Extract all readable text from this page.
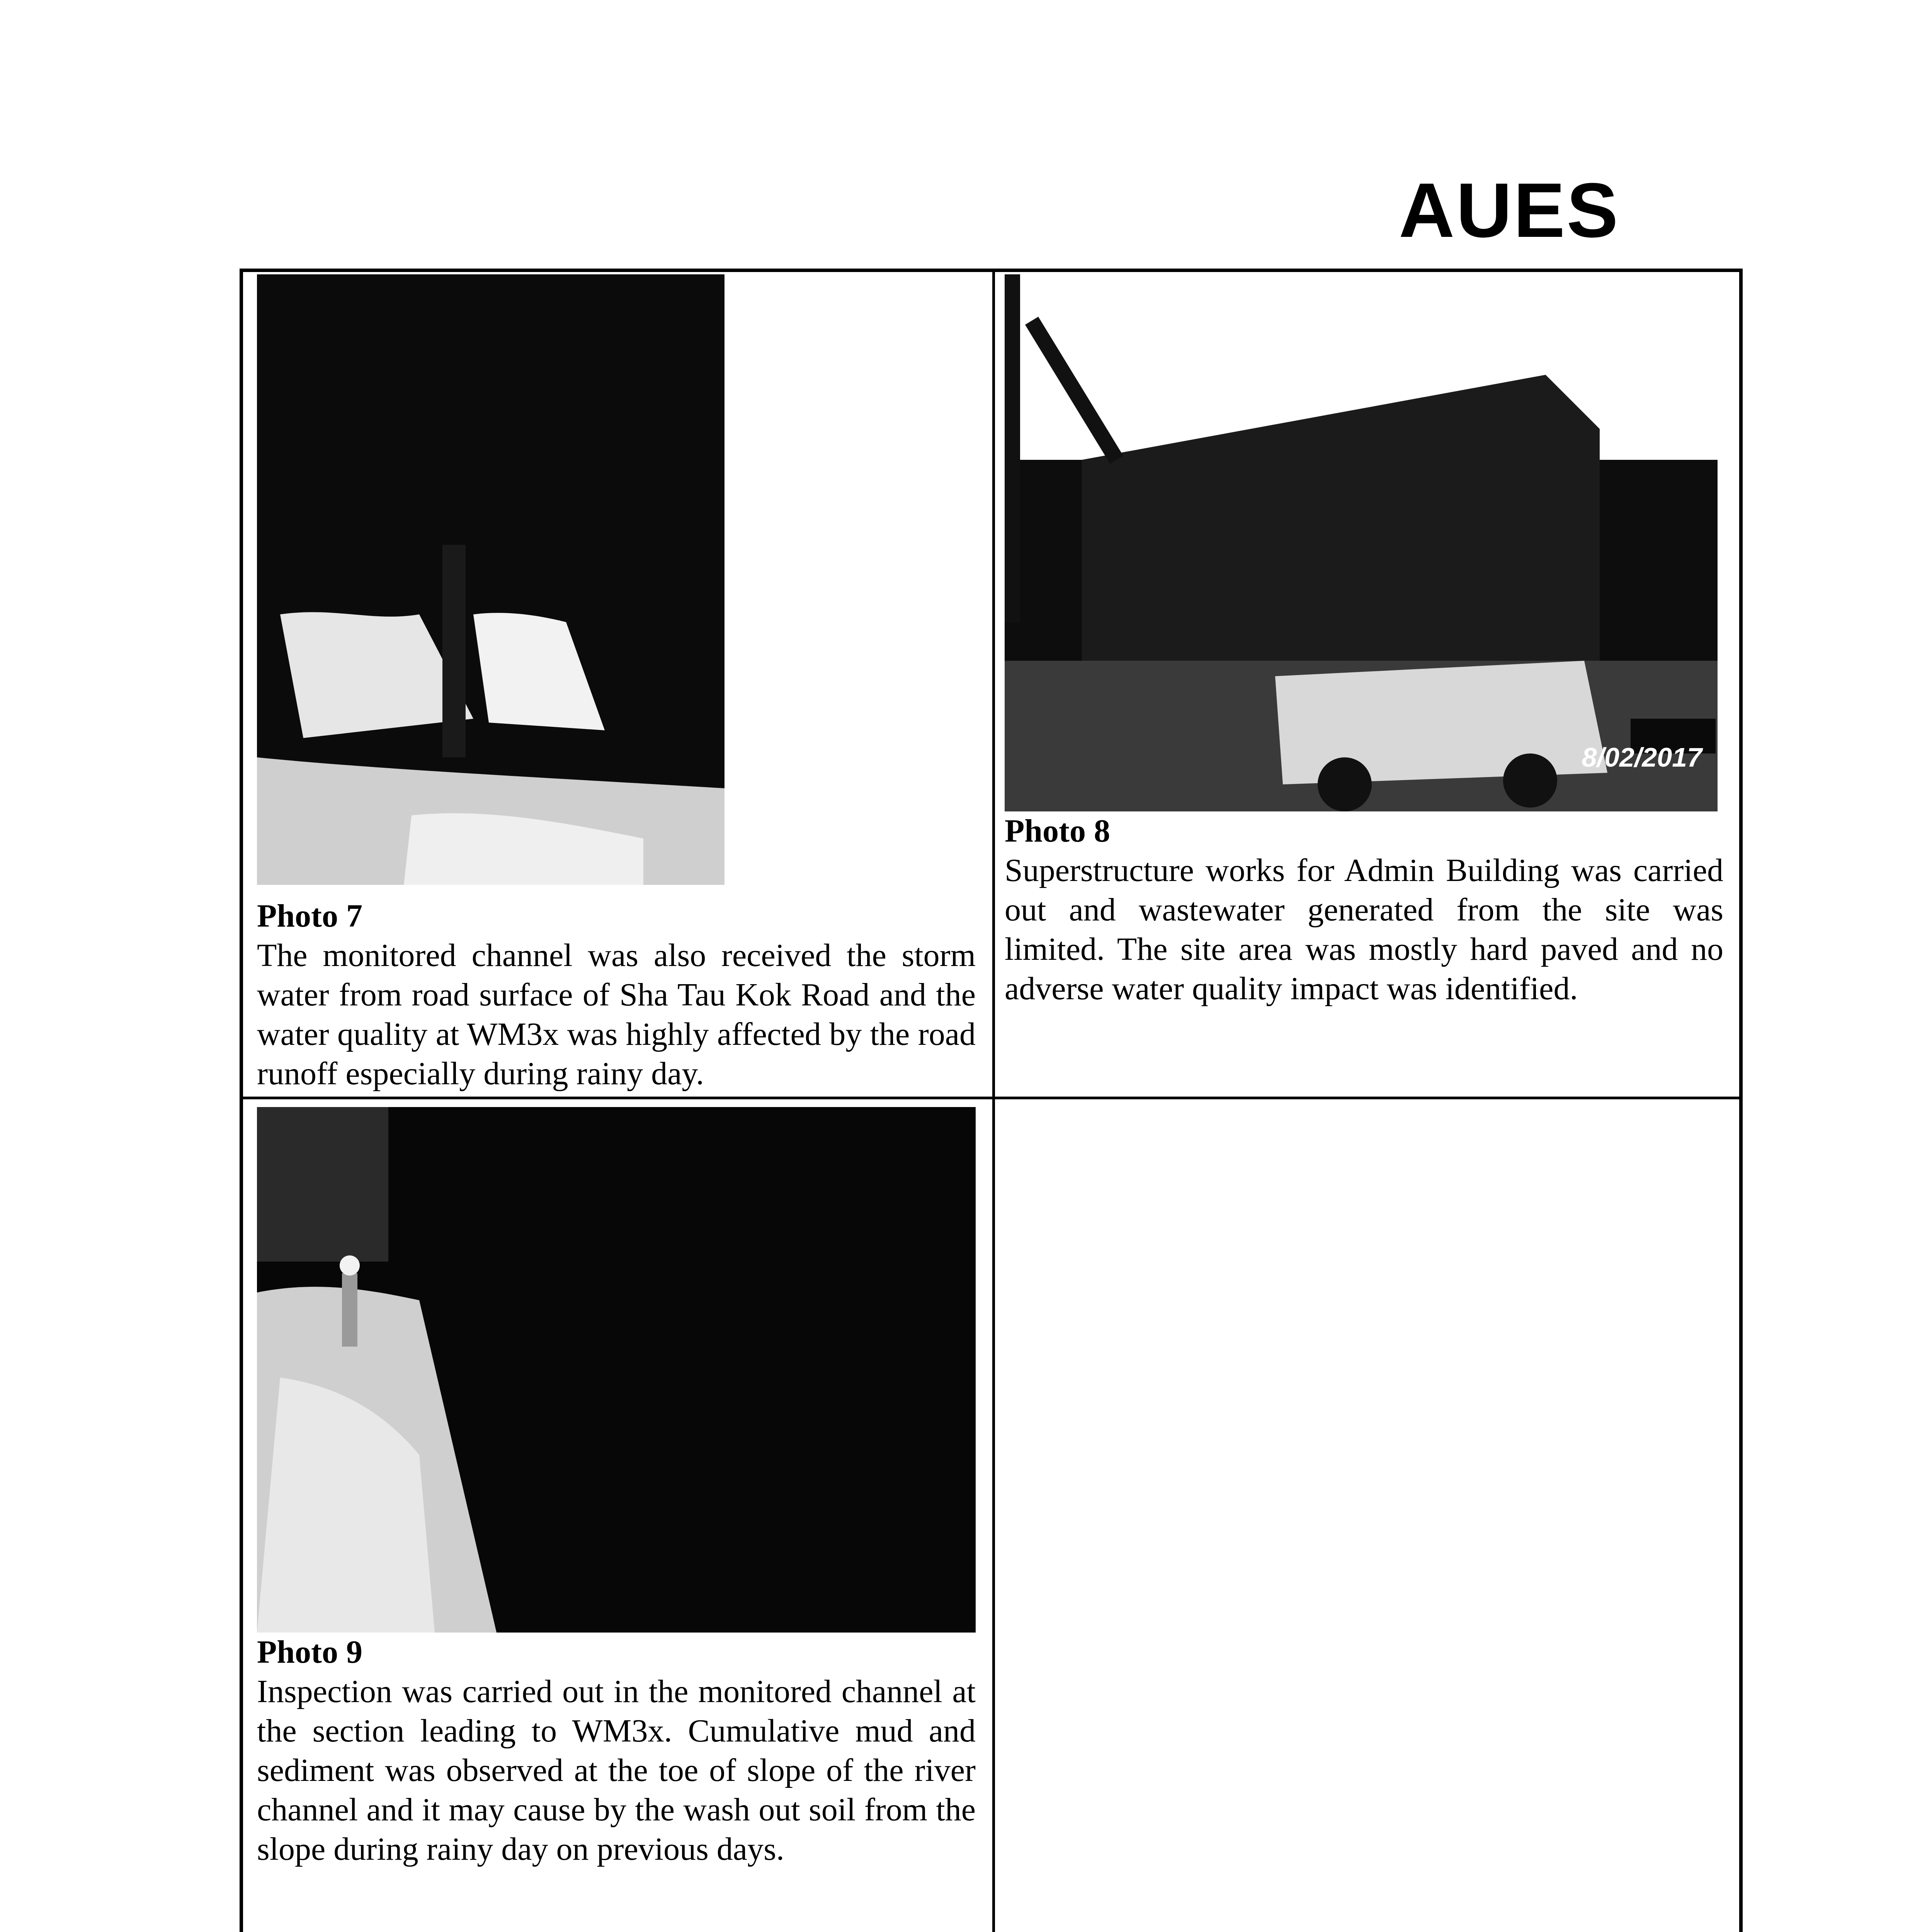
AUES
Photo 7
The monitored channel was also received the storm water from road surface of Sha Tau Kok Road and the water quality at WM3x was highly affected by the road runoff especially during rainy day.
8/02/2017
Photo 8
Superstructure works for Admin Building was carried out and wastewater generated from the site was limited. The site area was mostly hard paved and no adverse water quality impact was identified.
Photo 9
Inspection was carried out in the monitored channel at the section leading to WM3x. Cumulative mud and sediment was observed at the toe of slope of the river channel and it may cause by the wash out soil from the slope during rainy day on previous days.
